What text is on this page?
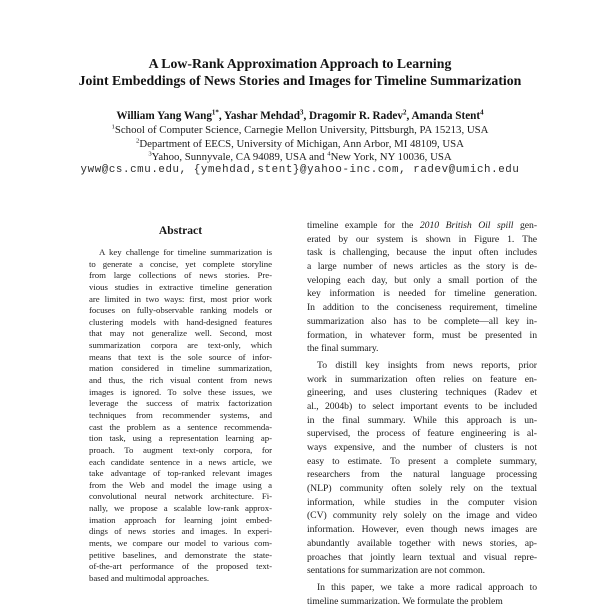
A Low-Rank Approximation Approach to Learning
Joint Embeddings of News Stories and Images for Timeline Summarization
William Yang Wang$^{1*}$, Yashar Mehdad$^3$, Dragomir R. Radev$^2$, Amanda Stent$^4$
$^1$School of Computer Science, Carnegie Mellon University, Pittsburgh, PA 15213, USA
$^2$Department of EECS, University of Michigan, Ann Arbor, MI 48109, USA
$^3$Yahoo, Sunnyvale, CA 94089, USA and $^4$New York, NY 10036, USA
yww@cs.cmu.edu, {ymehdad,stent}@yahoo-inc.com, radev@umich.edu
Abstract
A key challenge for timeline summarization is
to generate a concise, yet complete storyline
from large collections of news stories. Pre-
vious studies in extractive timeline generation
are limited in two ways: first, most prior work
focuses on fully-observable ranking models or
clustering models with hand-designed features
that may not generalize well. Second, most
summarization corpora are text-only, which
means that text is the sole source of infor-
mation considered in timeline summarization,
and thus, the rich visual content from news
images is ignored. To solve these issues, we
leverage the success of matrix factorization
techniques from recommender systems, and
cast the problem as a sentence recommenda-
tion task, using a representation learning ap-
proach. To augment text-only corpora, for
each candidate sentence in a news article, we
take advantage of top-ranked relevant images
from the Web and model the image using a
convolutional neural network architecture. Fi-
nally, we propose a scalable low-rank approx-
imation approach for learning joint embed-
dings of news stories and images. In experi-
ments, we compare our model to various com-
petitive baselines, and demonstrate the state-
of-the-art performance of the proposed text-
based and multimodal approaches.
timeline example for the 2010 British Oil spill gen-
erated by our system is shown in Figure 1. The
task is challenging, because the input often includes
a large number of news articles as the story is de-
veloping each day, but only a small portion of the
key information is needed for timeline generation.
In addition to the conciseness requirement, timeline
summarization also has to be complete—all key in-
formation, in whatever form, must be presented in
the final summary.
To distill key insights from news reports, prior
work in summarization often relies on feature en-
gineering, and uses clustering techniques (Radev et
al., 2004b) to select important events to be included
in the final summary. While this approach is un-
supervised, the process of feature engineering is al-
ways expensive, and the number of clusters is not
easy to estimate. To present a complete summary,
researchers from the natural language processing
(NLP) community often solely rely on the textual
information, while studies in the computer vision
(CV) community rely solely on the image and video
information. However, even though news images are
abundantly available together with news stories, ap-
proaches that jointly learn textual and visual repre-
sentations for summarization are not common.
In this paper, we take a more radical approach to
timeline summarization. We formulate the problem
